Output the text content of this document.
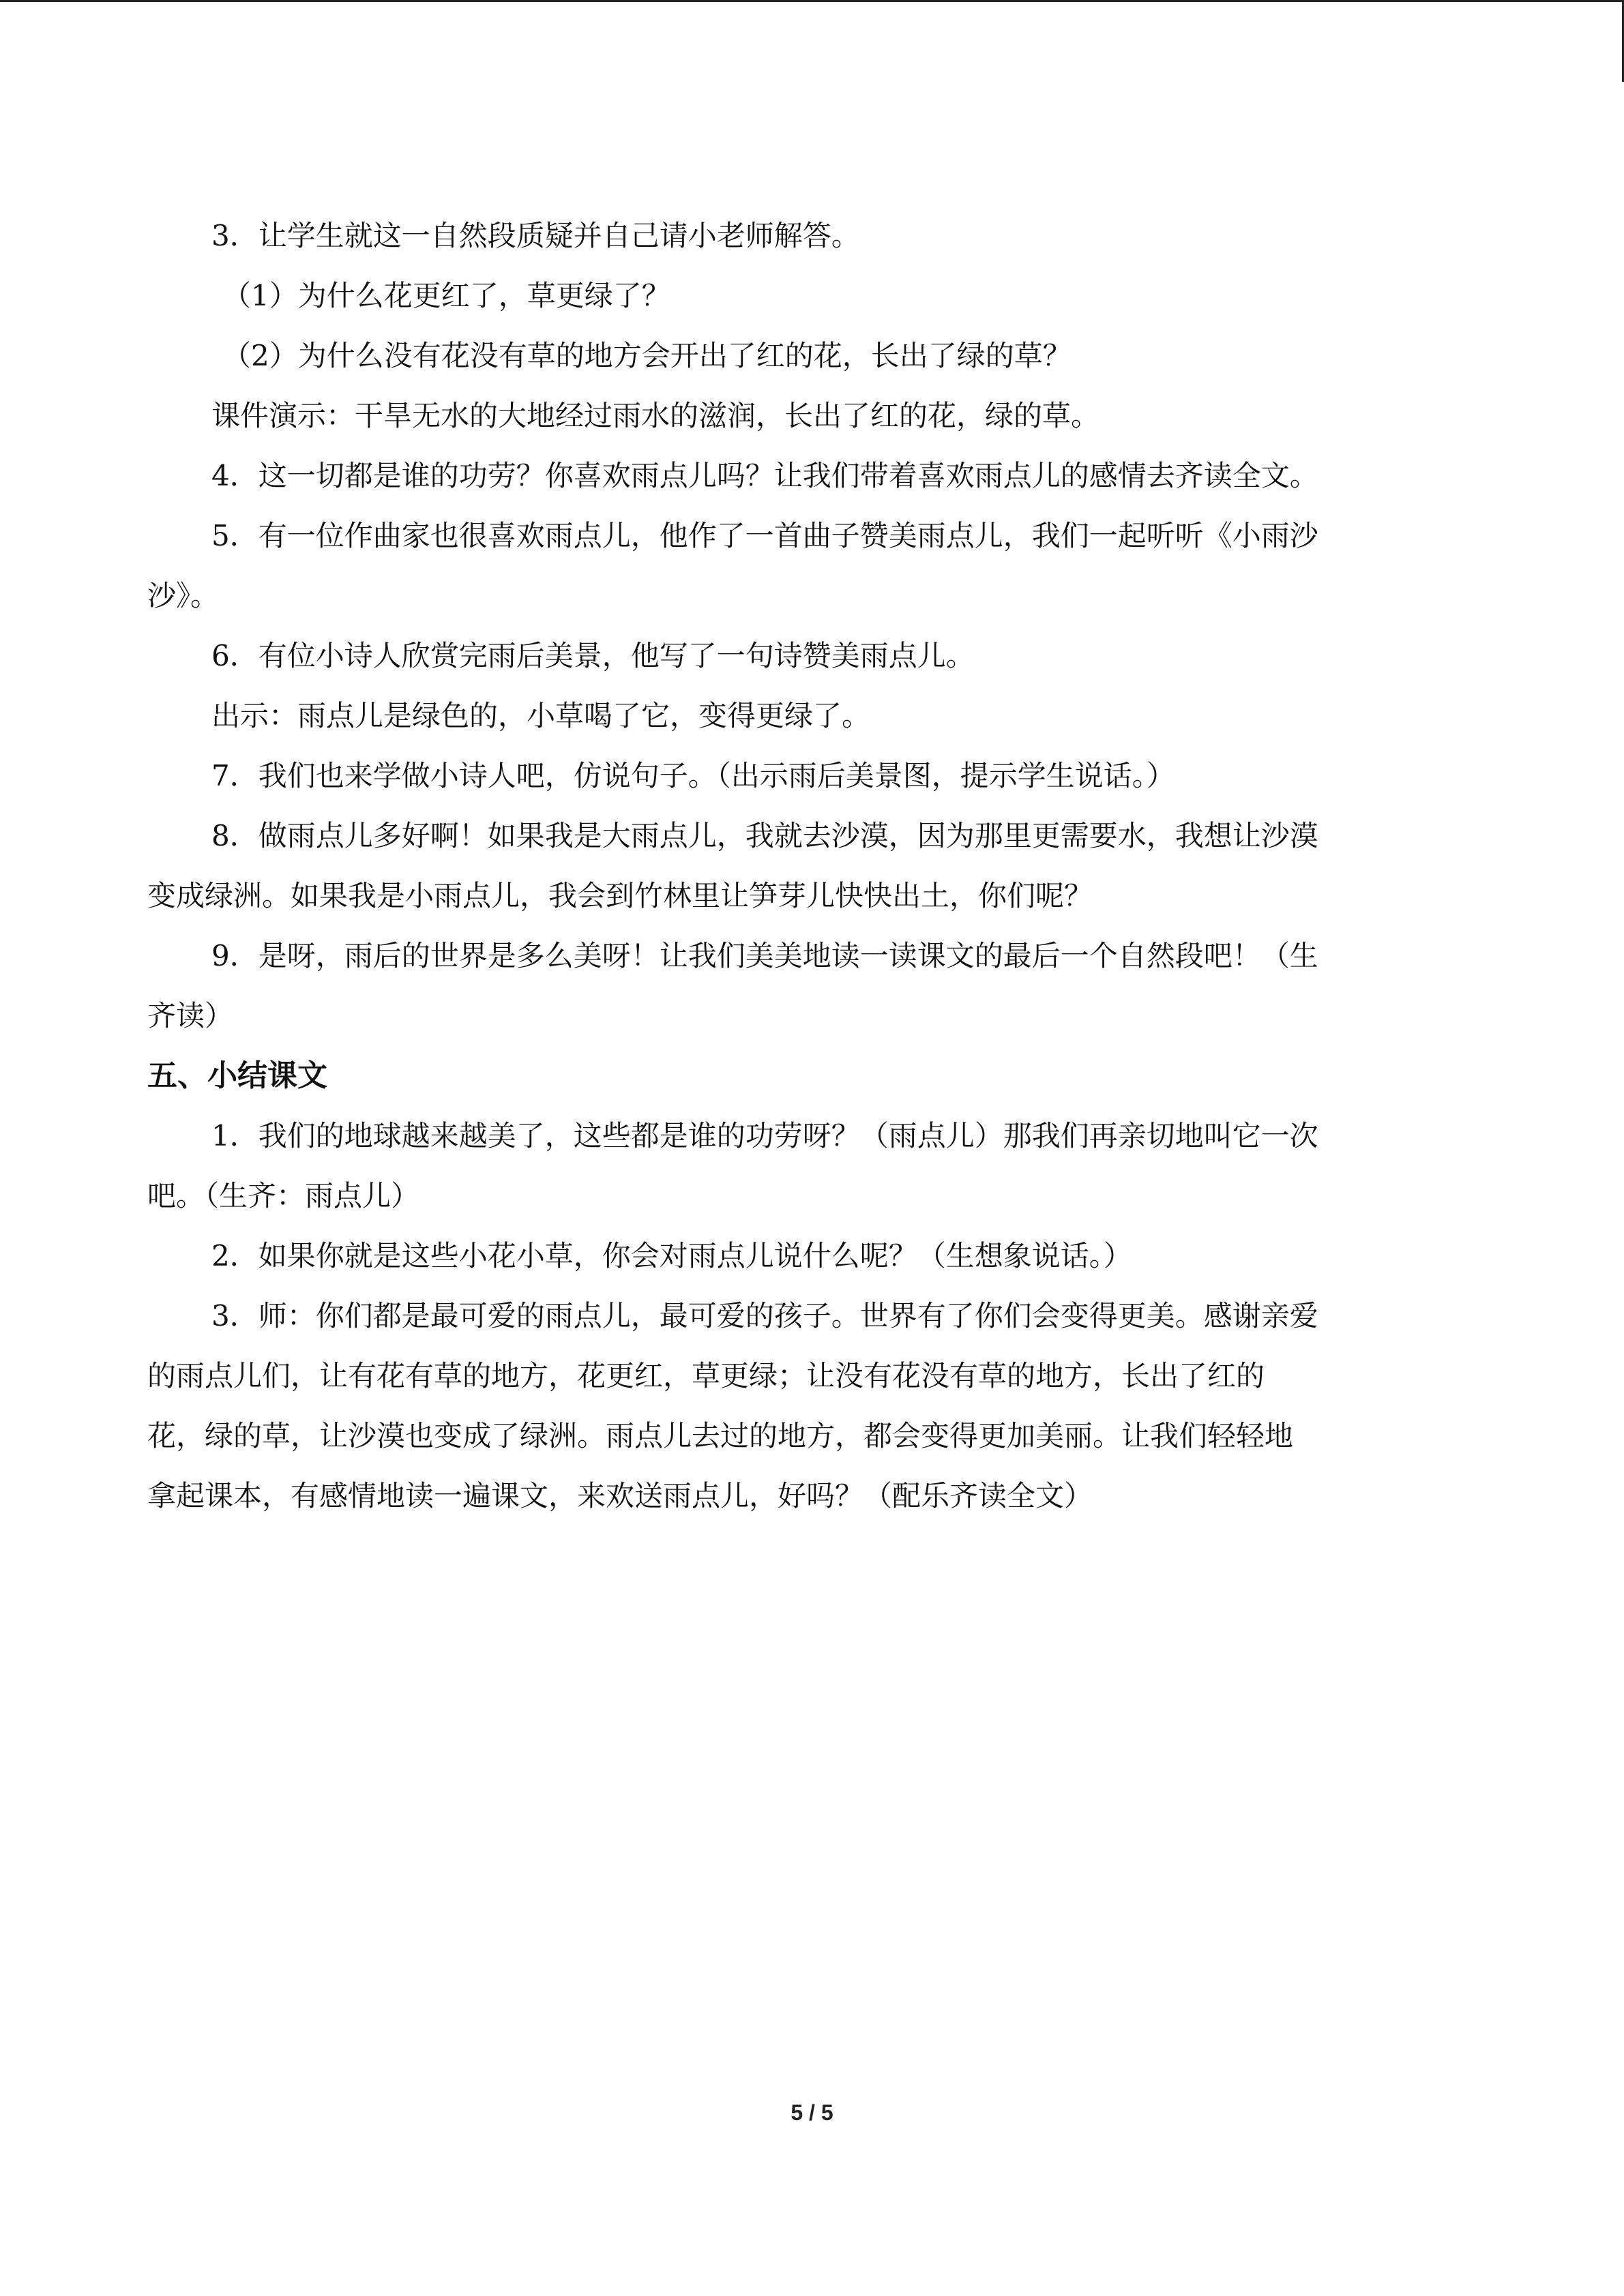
3．让学生就这一自然段质疑并自己请小老师解答。
（1）为什么花更红了，草更绿了？
（2）为什么没有花没有草的地方会开出了红的花，长出了绿的草？
课件演示：干旱无水的大地经过雨水的滋润，长出了红的花，绿的草。
4．这一切都是谁的功劳？你喜欢雨点儿吗？让我们带着喜欢雨点儿的感情去齐读全文。
5．有一位作曲家也很喜欢雨点儿，他作了一首曲子赞美雨点儿，我们一起听听《小雨沙
沙》。
6．有位小诗人欣赏完雨后美景，他写了一句诗赞美雨点儿。
出示：雨点儿是绿色的，小草喝了它，变得更绿了。
7．我们也来学做小诗人吧，仿说句子。（出示雨后美景图，提示学生说话。）
8．做雨点儿多好啊！如果我是大雨点儿，我就去沙漠，因为那里更需要水，我想让沙漠
变成绿洲。如果我是小雨点儿，我会到竹林里让笋芽儿快快出土，你们呢？
9．是呀，雨后的世界是多么美呀！让我们美美地读一读课文的最后一个自然段吧！（生
齐读）
五、小结课文
1．我们的地球越来越美了，这些都是谁的功劳呀？（雨点儿）那我们再亲切地叫它一次
吧。（生齐：雨点儿）
2．如果你就是这些小花小草，你会对雨点儿说什么呢？（生想象说话。）
3．师：你们都是最可爱的雨点儿，最可爱的孩子。世界有了你们会变得更美。感谢亲爱
的雨点儿们，让有花有草的地方，花更红，草更绿；让没有花没有草的地方，长出了红的
花，绿的草，让沙漠也变成了绿洲。雨点儿去过的地方，都会变得更加美丽。让我们轻轻地
拿起课本，有感情地读一遍课文，来欢送雨点儿，好吗？（配乐齐读全文）
5 / 5
